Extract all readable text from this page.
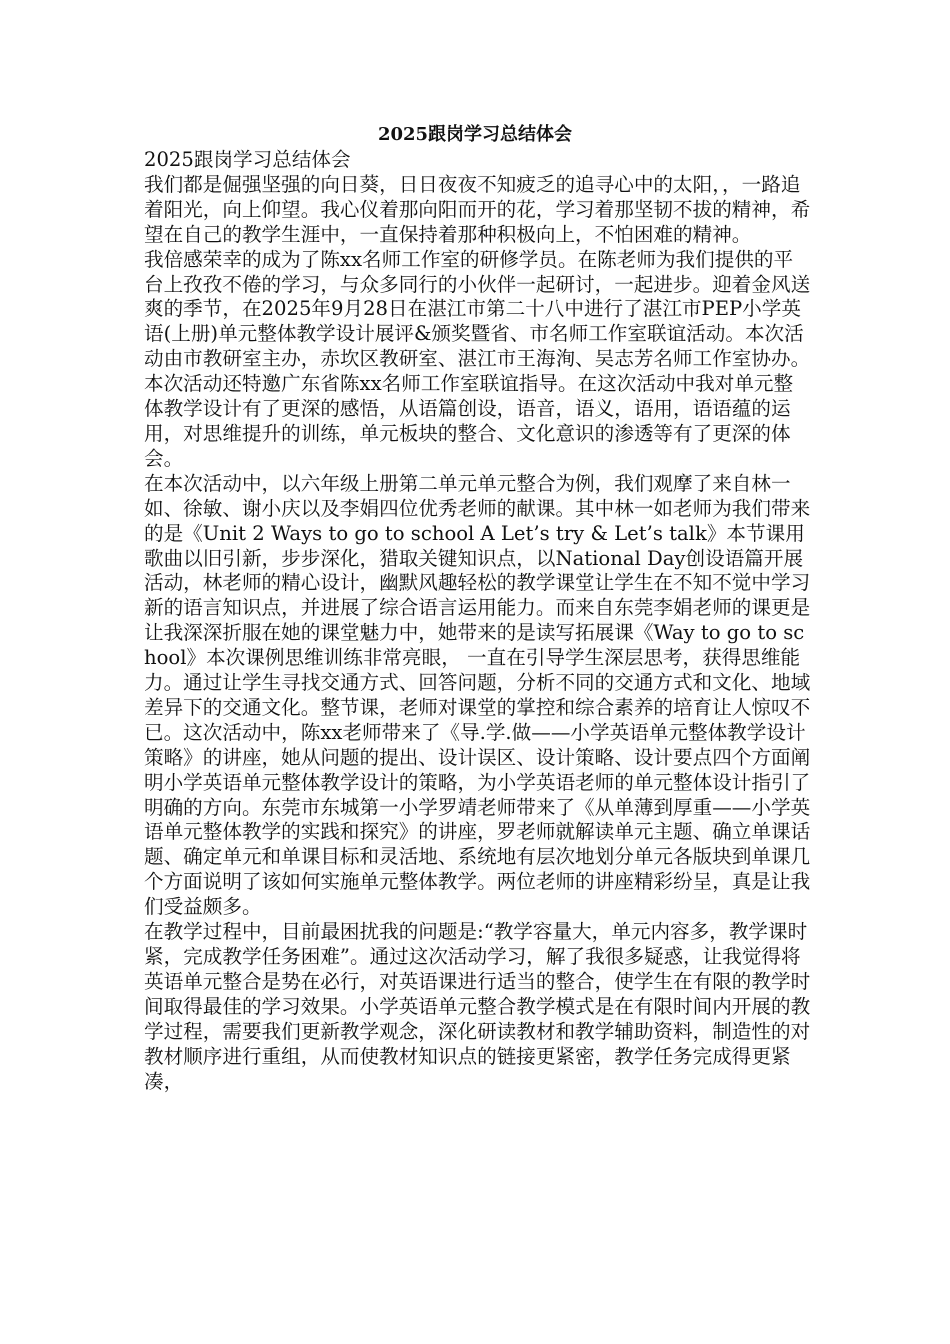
2025跟岗学习总结体会

2025跟岗学习总结体会

我们都是倔强坚强的向日葵，日日夜夜不知疲乏的追寻心中的太阳，，一路追着阳光，向上仰望。我心仪着那向阳而开的花，学习着那坚韧不拔的精神，希望在自己的教学生涯中，一直保持着那种积极向上，不怕困难的精神。

我倍感荣幸的成为了陈xx名师工作室的研修学员。在陈老师为我们提供的平台上孜孜不倦的学习，与众多同行的小伙伴一起研讨，一起进步。迎着金风送爽的季节，在2025年9月28日在湛江市第二十八中进行了湛江市PEP小学英语(上册)单元整体教学设计展评&颁奖暨省、市名师工作室联谊活动。本次活动由市教研室主办，赤坎区教研室、湛江市王海洵、吴志芳名师工作室协办。本次活动还特邀广东省陈xx名师工作室联谊指导。在这次活动中我对单元整体教学设计有了更深的感悟，从语篇创设，语音，语义，语用，语语蕴的运用，对思维提升的训练，单元板块的整合、文化意识的渗透等有了更深的体会。

在本次活动中，以六年级上册第二单元单元整合为例，我们观摩了来自林一如、徐敏、谢小庆以及李娟四位优秀老师的献课。其中林一如老师为我们带来的是《Unit 2 Ways to go to school A Let’s try & Let’s talk》本节课用歌曲以旧引新，步步深化，猎取关键知识点，以National Day创设语篇开展活动，林老师的精心设计，幽默风趣轻松的教学课堂让学生在不知不觉中学习新的语言知识点，并进展了综合语言运用能力。而来自东莞李娟老师的课更是让我深深折服在她的课堂魅力中，她带来的是读写拓展课《Way to go to school》本次课例思维训练非常亮眼， 一直在引导学生深层思考，获得思维能力。通过让学生寻找交通方式、回答问题，分析不同的交通方式和文化、地域差异下的交通文化。整节课，老师对课堂的掌控和综合素养的培育让人惊叹不已。这次活动中，陈xx老师带来了《导.学.做——小学英语单元整体教学设计策略》的讲座，她从问题的提出、设计误区、设计策略、设计要点四个方面阐明小学英语单元整体教学设计的策略，为小学英语老师的单元整体设计指引了明确的方向。东莞市东城第一小学罗靖老师带来了《从单薄到厚重——小学英语单元整体教学的实践和探究》的讲座，罗老师就解读单元主题、确立单课话题、确定单元和单课目标和灵活地、系统地有层次地划分单元各版块到单课几个方面说明了该如何实施单元整体教学。两位老师的讲座精彩纷呈，真是让我们受益颇多。

在教学过程中，目前最困扰我的问题是:“教学容量大，单元内容多，教学课时紧，完成教学任务困难”。通过这次活动学习，解了我很多疑惑，让我觉得将英语单元整合是势在必行，对英语课进行适当的整合，使学生在有限的教学时间取得最佳的学习效果。小学英语单元整合教学模式是在有限时间内开展的教学过程，需要我们更新教学观念，深化研读教材和教学辅助资料，制造性的对教材顺序进行重组，从而使教材知识点的链接更紧密，教学任务完成得更紧凑，
